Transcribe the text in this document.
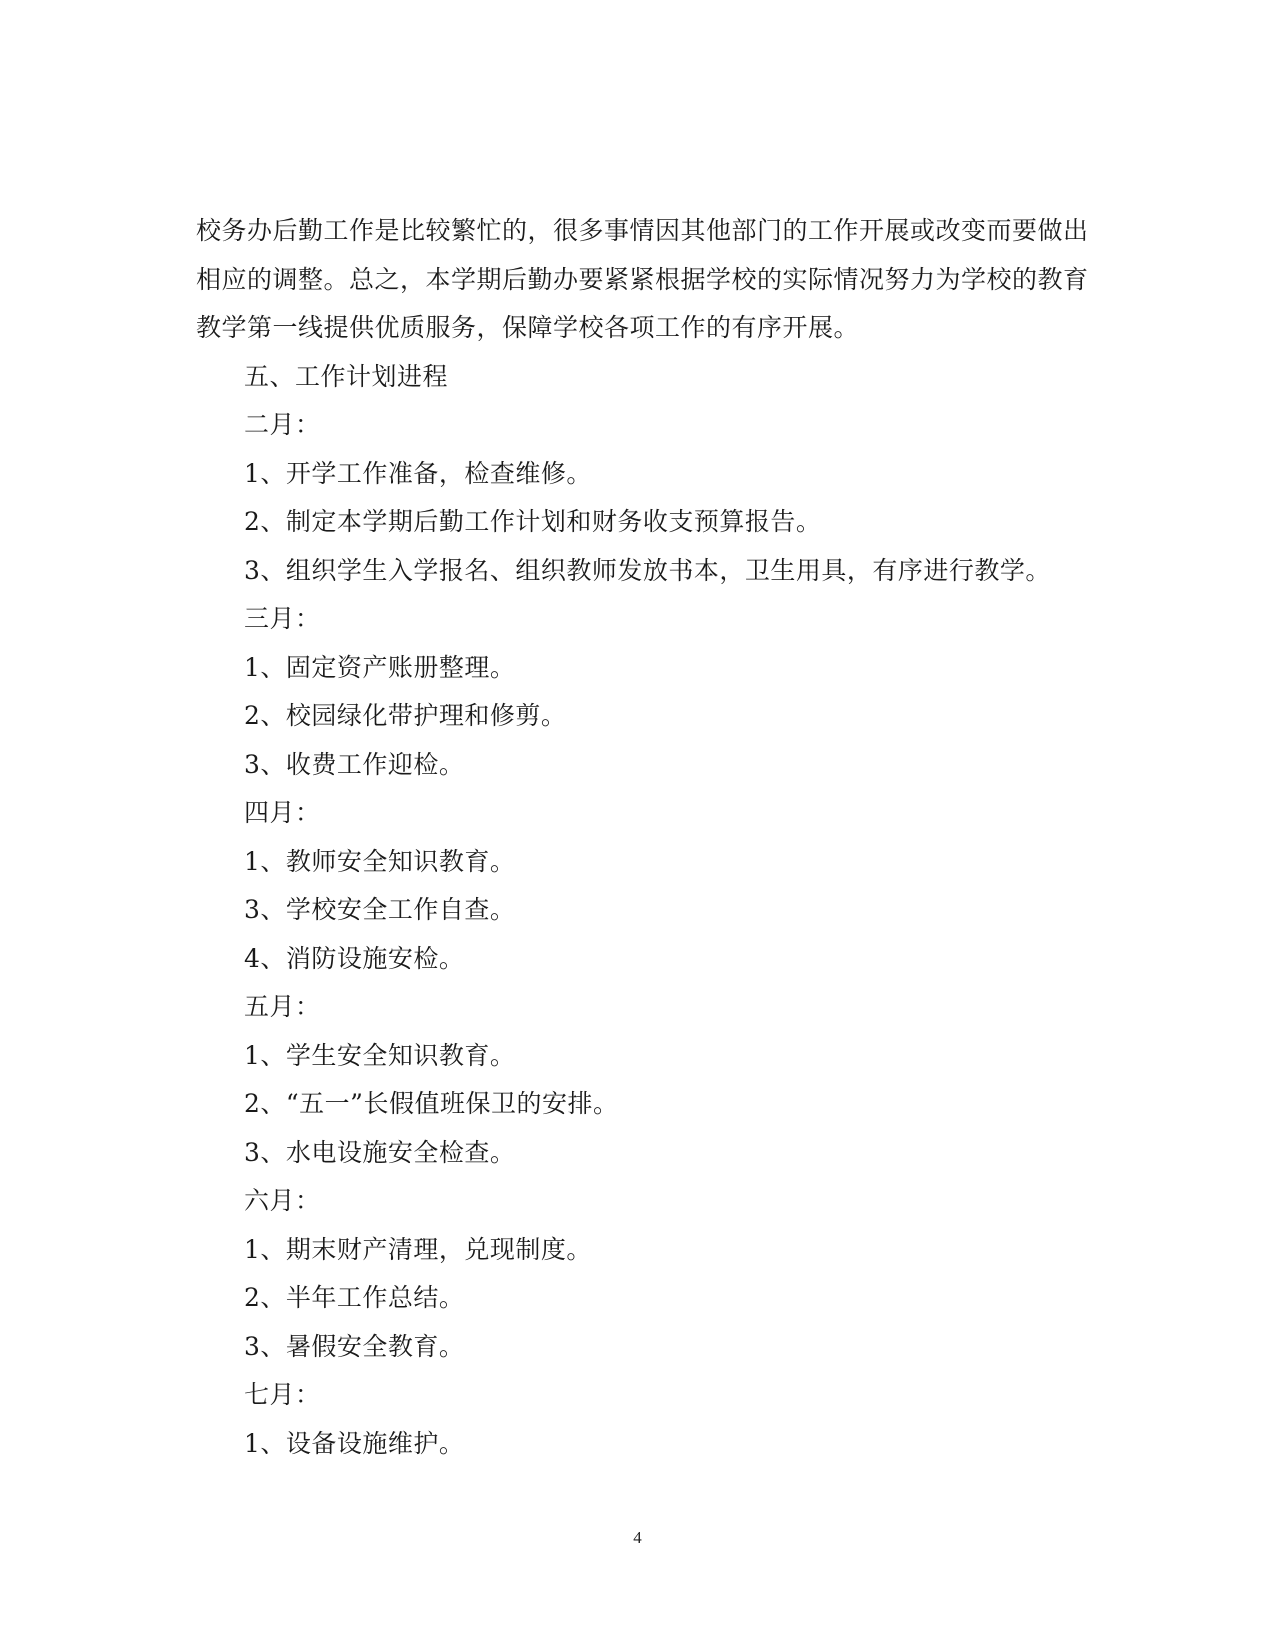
校务办后勤工作是比较繁忙的，很多事情因其他部门的工作开展或改变而要做出

相应的调整。总之，本学期后勤办要紧紧根据学校的实际情况努力为学校的教育

教学第一线提供优质服务，保障学校各项工作的有序开展。

五、工作计划进程

二月：

1、开学工作准备，检查维修。

2、制定本学期后勤工作计划和财务收支预算报告。

3、组织学生入学报名、组织教师发放书本，卫生用具，有序进行教学。

三月：

1、固定资产账册整理。

2、校园绿化带护理和修剪。

3、收费工作迎检。

四月：

1、教师安全知识教育。

3、学校安全工作自查。

4、消防设施安检。

五月：

1、学生安全知识教育。

2、“五一”长假值班保卫的安排。

3、水电设施安全检查。

六月：

1、期末财产清理，兑现制度。

2、半年工作总结。

3、暑假安全教育。

七月：

1、设备设施维护。

4
